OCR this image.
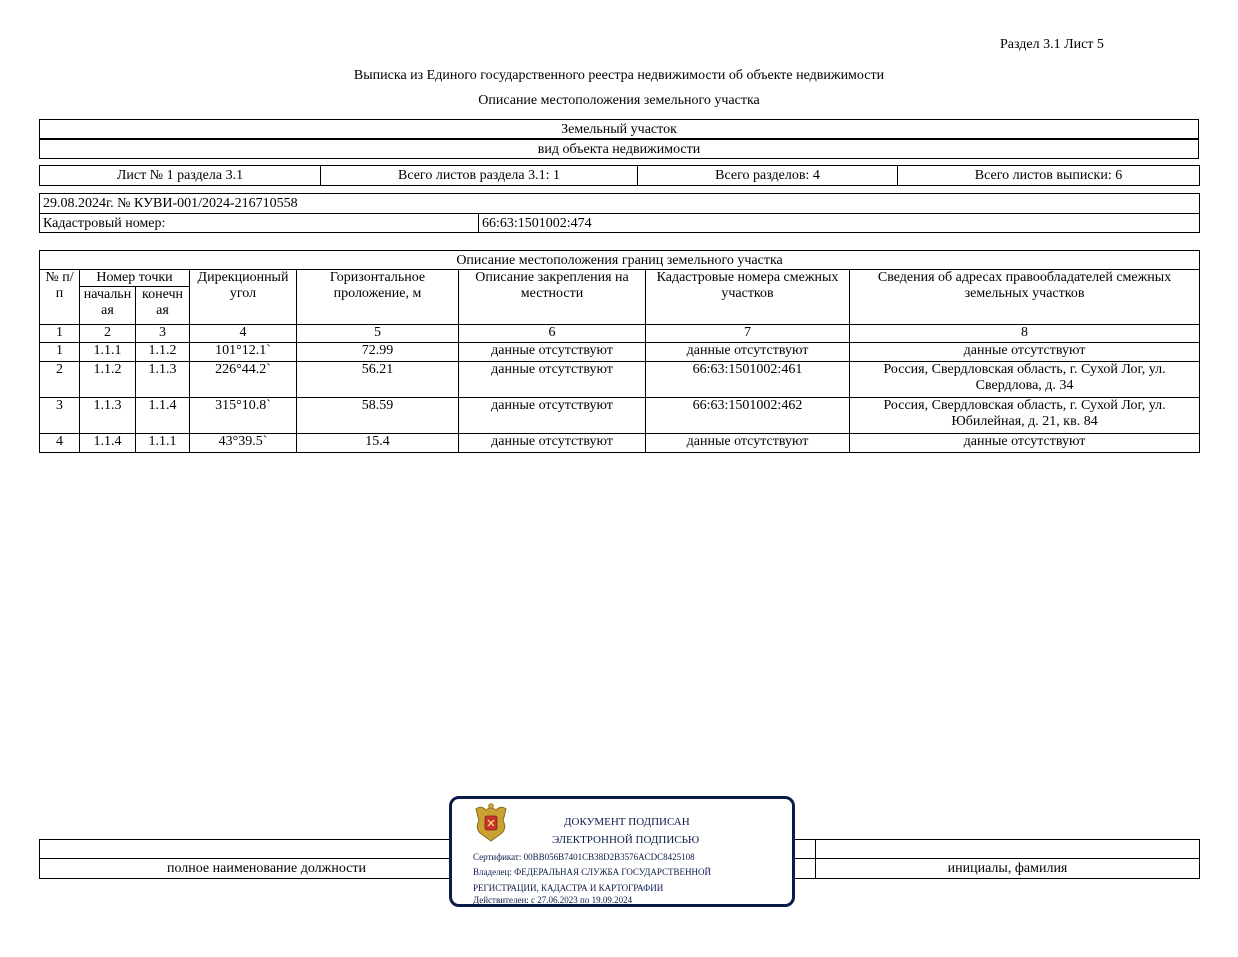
Раздел 3.1 Лист 5
Выписка из Единого государственного реестра недвижимости об объекте недвижимости
Описание местоположения земельного участка
Земельный участок
вид объекта недвижимости
Лист № 1 раздела 3.1	Всего листов раздела 3.1: 1	Всего разделов: 4	Всего листов выписки: 6
29.08.2024г. № КУВИ-001/2024-216710558
Кадастровый номер:	66:63:1501002:474
Описание местоположения границ земельного участка							
№ п/п	Номер точки		Дирекционный угол	Горизонтальное проложение, м	Описание закрепления на местности	Кадастровые номера смежных участков	Сведения об адресах правообладателей смежных земельных участков
	начальн ая	конечн ая					
1	2	3	4	5	6	7	8
1	1.1.1	1.1.2	101°12.1`	72.99	данные отсутствуют	данные отсутствуют	данные отсутствуют
2	1.1.2	1.1.3	226°44.2`	56.21	данные отсутствуют	66:63:1501002:461	Россия, Свердловская область, г. Сухой Лог, ул. Свердлова, д. 34
3	1.1.3	1.1.4	315°10.8`	58.59	данные отсутствуют	66:63:1501002:462	Россия, Свердловская область, г. Сухой Лог, ул. Юбилейная, д. 21, кв. 84
4	1.1.4	1.1.1	43°39.5`	15.4	данные отсутствуют	данные отсутствуют	данные отсутствуют

полное наименование должности		инициалы, фамилия
ДОКУМЕНТ ПОДПИСАН
ЭЛЕКТРОННОЙ ПОДПИСЬЮ
Сертификат: 00BB056B7401CB38D2B3576ACDC8425108
Владелец: ФЕДЕРАЛЬНАЯ СЛУЖБА ГОСУДАРСТВЕННОЙ
РЕГИСТРАЦИИ, КАДАСТРА И КАРТОГРАФИИ
Действителен: с 27.06.2023 по 19.09.2024
